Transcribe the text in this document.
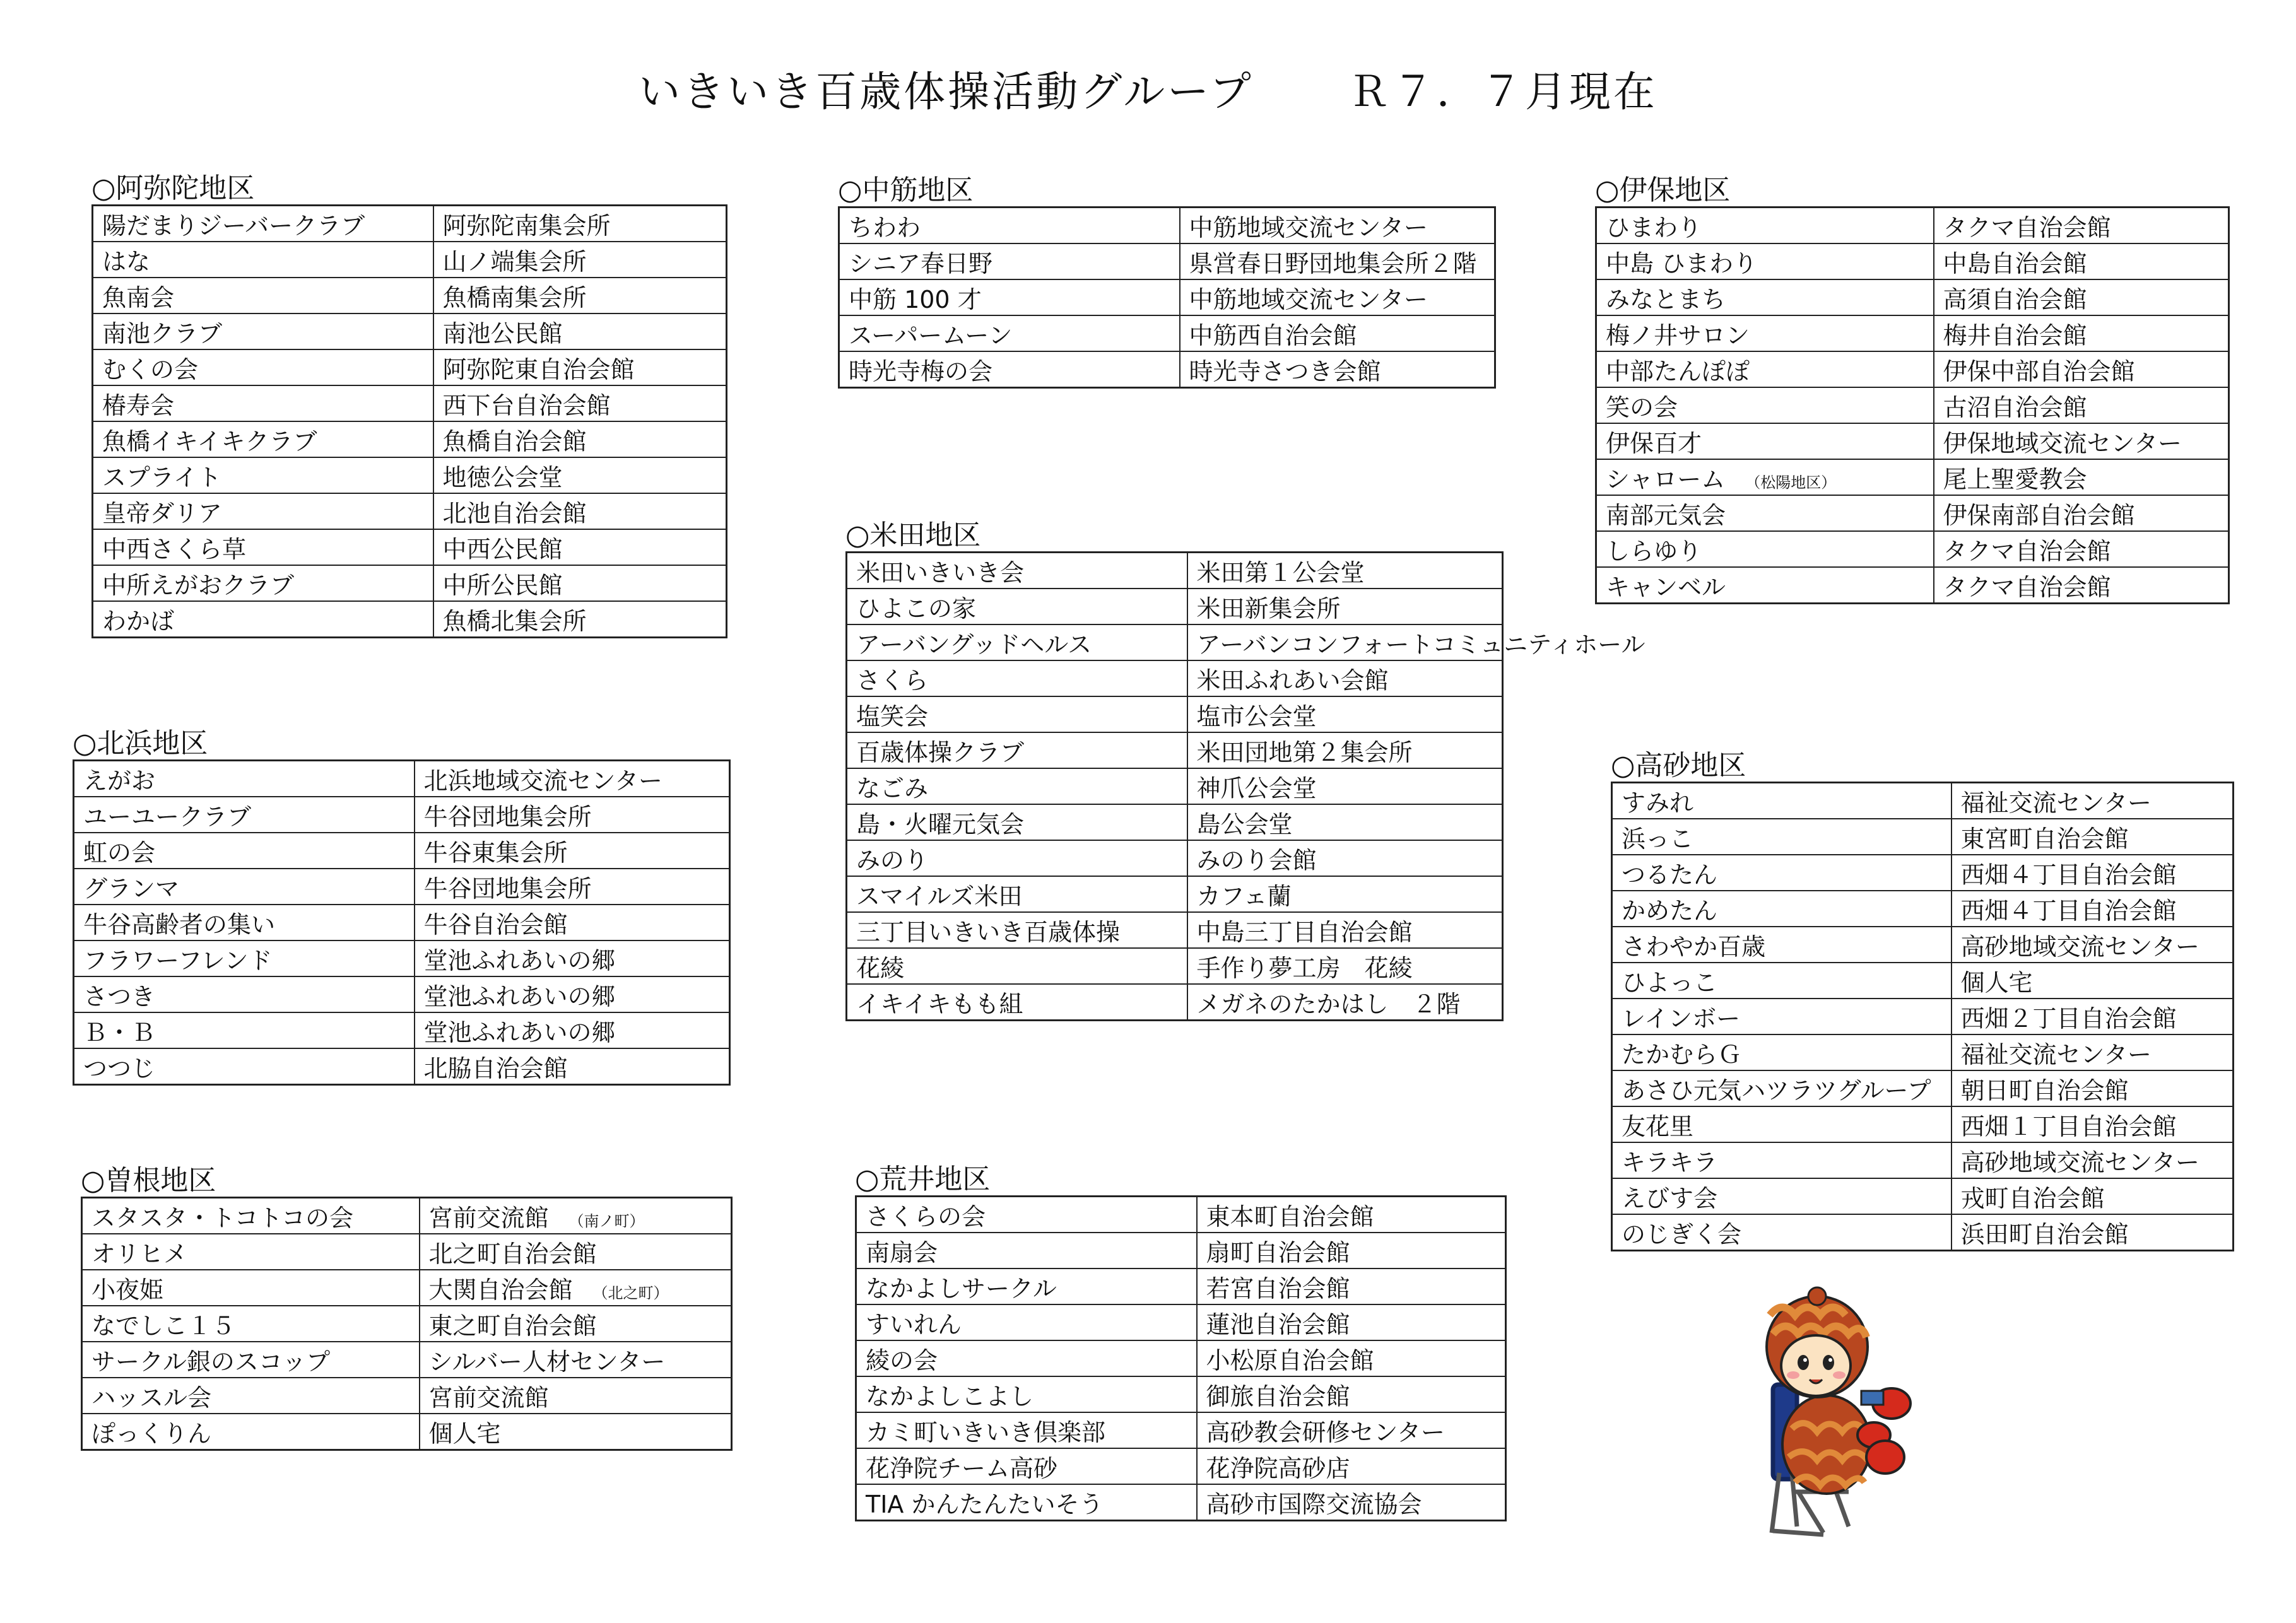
いきいき百歳体操活動グループ Ｒ７．７月現在
○阿弥陀地区
陽だまりジーバークラブ	阿弥陀南集会所
はな	山ノ端集会所
魚南会	魚橋南集会所
南池クラブ	南池公民館
むくの会	阿弥陀東自治会館
椿寿会	西下台自治会館
魚橋イキイキクラブ	魚橋自治会館
スプライト	地徳公会堂
皇帝ダリア	北池自治会館
中西さくら草	中西公民館
中所えがおクラブ	中所公民館
わかば	魚橋北集会所
○北浜地区
えがお	北浜地域交流センター
ユーユークラブ	牛谷団地集会所
虹の会	牛谷東集会所
グランマ	牛谷団地集会所
牛谷高齢者の集い	牛谷自治会館
フラワーフレンド	堂池ふれあいの郷
さつき	堂池ふれあいの郷
Ｂ・Ｂ	堂池ふれあいの郷
つつじ	北脇自治会館
○曽根地区
スタスタ・トコトコの会	宮前交流館 （南ノ町）
オリヒメ	北之町自治会館
小夜姫	大関自治会館 （北之町）
なでしこ１５	東之町自治会館
サークル銀のスコップ	シルバー人材センター
ハッスル会	宮前交流館
ぽっくりん	個人宅
○中筋地区
ちわわ	中筋地域交流センター
シニア春日野	県営春日野団地集会所２階
中筋 100 才	中筋地域交流センター
スーパームーン	中筋西自治会館
時光寺梅の会	時光寺さつき会館
○米田地区
米田いきいき会	米田第１公会堂
ひよこの家	米田新集会所
アーバングッドヘルス	アーバンコンフォートコミュニティホール
さくら	米田ふれあい会館
塩笑会	塩市公会堂
百歳体操クラブ	米田団地第２集会所
なごみ	神爪公会堂
島・火曜元気会	島公会堂
みのり	みのり会館
スマイルズ米田	カフェ蘭
三丁目いきいき百歳体操	中島三丁目自治会館
花綾	手作り夢工房　花綾
イキイキもも組	メガネのたかはし　２階
○荒井地区
さくらの会	東本町自治会館
南扇会	扇町自治会館
なかよしサークル	若宮自治会館
すいれん	蓮池自治会館
綾の会	小松原自治会館
なかよしこよし	御旅自治会館
カミ町いきいき倶楽部	高砂教会研修センター
花浄院チーム高砂	花浄院高砂店
TIA かんたんたいそう	高砂市国際交流協会
○伊保地区
ひまわり	タクマ自治会館
中島 ひまわり	中島自治会館
みなとまち	高須自治会館
梅ノ井サロン	梅井自治会館
中部たんぽぽ	伊保中部自治会館
笑の会	古沼自治会館
伊保百才	伊保地域交流センター
シャローム （松陽地区）	尾上聖愛教会
南部元気会	伊保南部自治会館
しらゆり	タクマ自治会館
キャンベル	タクマ自治会館
○高砂地区
すみれ	福祉交流センター
浜っこ	東宮町自治会館
つるたん	西畑４丁目自治会館
かめたん	西畑４丁目自治会館
さわやか百歳	高砂地域交流センター
ひよっこ	個人宅
レインボー	西畑２丁目自治会館
たかむらＧ	福祉交流センター
あさひ元気ハツラツグループ	朝日町自治会館
友花里	西畑１丁目自治会館
キラキラ	高砂地域交流センター
えびす会	戎町自治会館
のじぎく会	浜田町自治会館
